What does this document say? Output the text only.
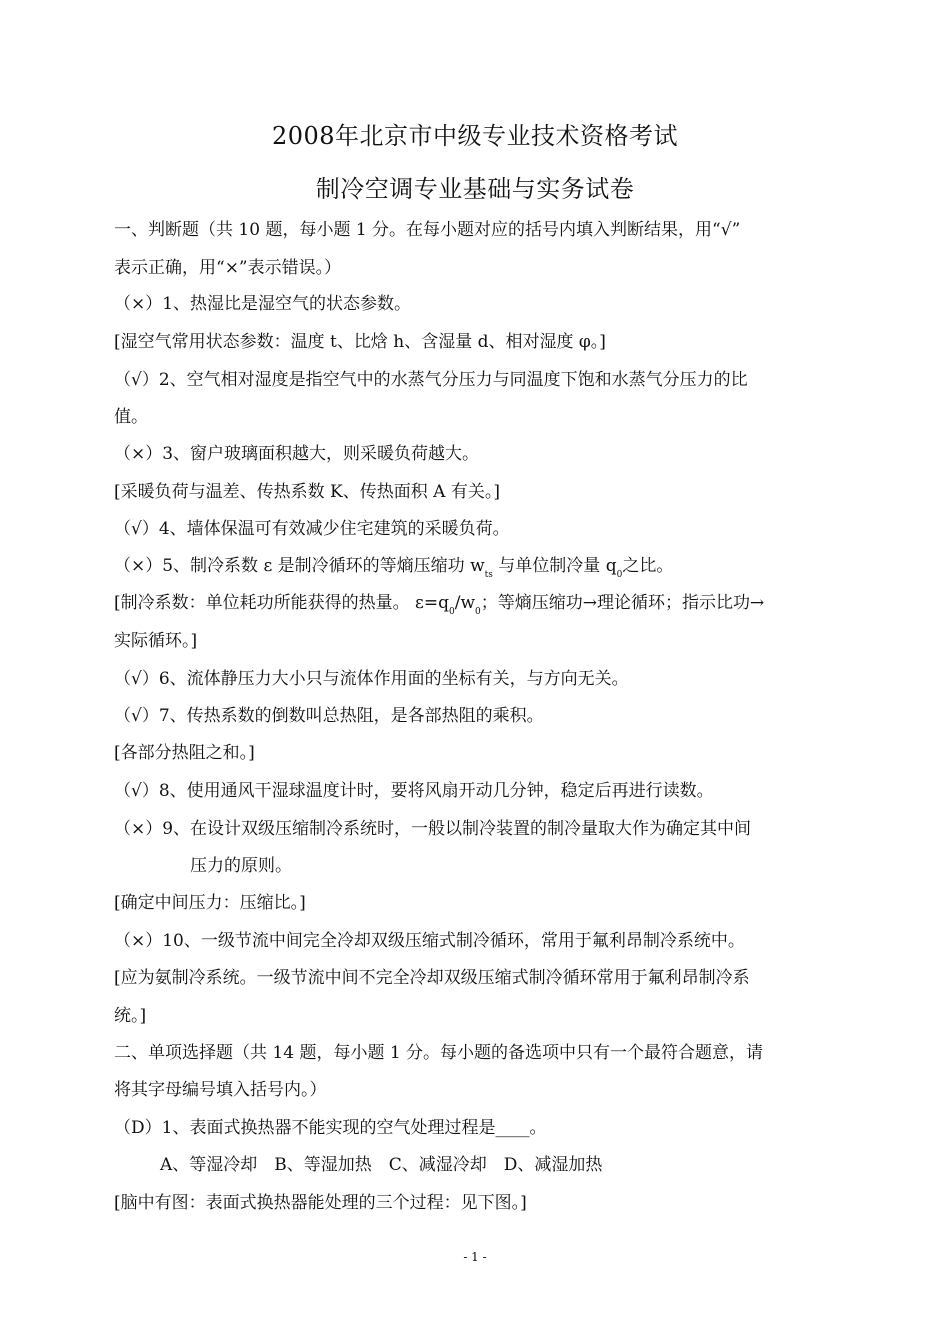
2008年北京市中级专业技术资格考试
制冷空调专业基础与实务试卷
一、判断题（共 10 题，每小题 1 分。在每小题对应的括号内填入判断结果，用“√”
表示正确，用“×”表示错误。）
（×）1、热湿比是湿空气的状态参数。
[湿空气常用状态参数：温度 t、比焓 h、含湿量 d、相对湿度 φ。]
（√）2、空气相对湿度是指空气中的水蒸气分压力与同温度下饱和水蒸气分压力的比
值。
（×）3、窗户玻璃面积越大，则采暖负荷越大。
[采暖负荷与温差、传热系数 K、传热面积 A 有关。]
（√）4、墙体保温可有效减少住宅建筑的采暖负荷。
（×）5、制冷系数 ε 是制冷循环的等熵压缩功 $w_{ts}$ 与单位制冷量 $q_0$之比。
[制冷系数：单位耗功所能获得的热量。 $\varepsilon=q_0/w_0$；等熵压缩功→理论循环；指示比功→
实际循环。]
（√）6、流体静压力大小只与流体作用面的坐标有关，与方向无关。
（√）7、传热系数的倒数叫总热阻，是各部热阻的乘积。
[各部分热阻之和。]
（√）8、使用通风干湿球温度计时，要将风扇开动几分钟，稳定后再进行读数。
（×）9、在设计双级压缩制冷系统时，一般以制冷装置的制冷量取大作为确定其中间
压力的原则。
[确定中间压力：压缩比。]
（×）10、一级节流中间完全冷却双级压缩式制冷循环，常用于氟利昂制冷系统中。
[应为氨制冷系统。一级节流中间不完全冷却双级压缩式制冷循环常用于氟利昂制冷系
统。]
二、单项选择题（共 14 题，每小题 1 分。每小题的备选项中只有一个最符合题意，请
将其字母编号填入括号内。）
（D）1、表面式换热器不能实现的空气处理过程是____。
A、等湿冷却　B、等湿加热　C、减湿冷却　D、减湿加热
[脑中有图：表面式换热器能处理的三个过程：见下图。]
- 1 -
